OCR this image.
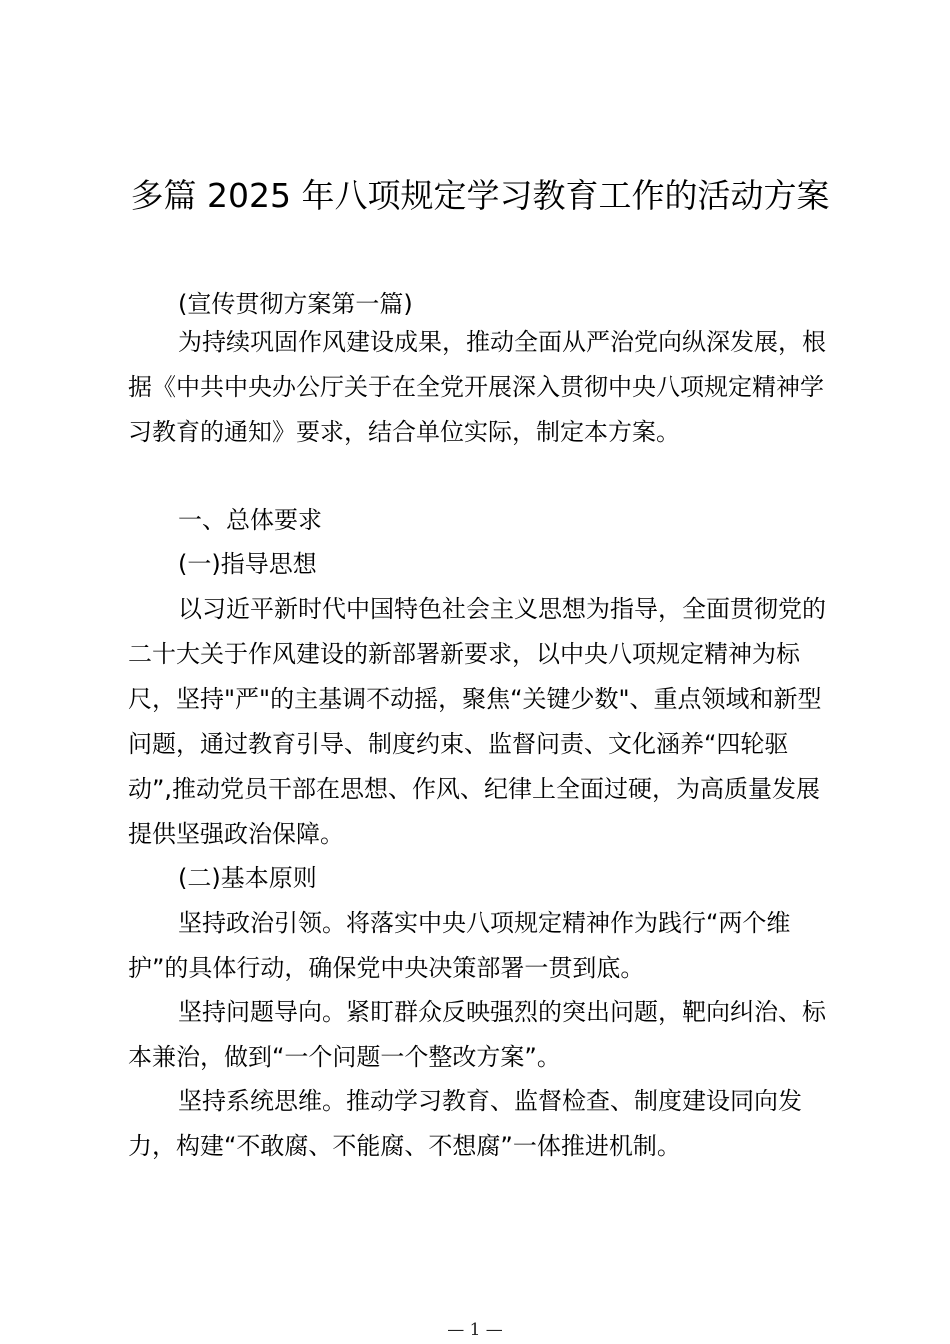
多篇 2025 年八项规定学习教育工作的活动方案
(宣传贯彻方案第一篇)
为持续巩固作风建设成果，推动全面从严治党向纵深发展，根据《中共中央办公厅关于在全党开展深入贯彻中央八项规定精神学习教育的通知》要求，结合单位实际，制定本方案。
一、总体要求
(一)指导思想
以习近平新时代中国特色社会主义思想为指导，全面贯彻党的二十大关于作风建设的新部署新要求，以中央八项规定精神为标尺，坚持"严"的主基调不动摇，聚焦“关键少数"、重点领域和新型问题，通过教育引导、制度约束、监督问责、文化涵养“四轮驱动”,推动党员干部在思想、作风、纪律上全面过硬，为高质量发展提供坚强政治保障。
(二)基本原则
坚持政治引领。将落实中央八项规定精神作为践行“两个维护”的具体行动，确保党中央决策部署一贯到底。
坚持问题导向。紧盯群众反映强烈的突出问题，靶向纠治、标本兼治，做到“一个问题一个整改方案”。
坚持系统思维。推动学习教育、监督检查、制度建设同向发力，构建“不敢腐、不能腐、不想腐”一体推进机制。
— 1 —
